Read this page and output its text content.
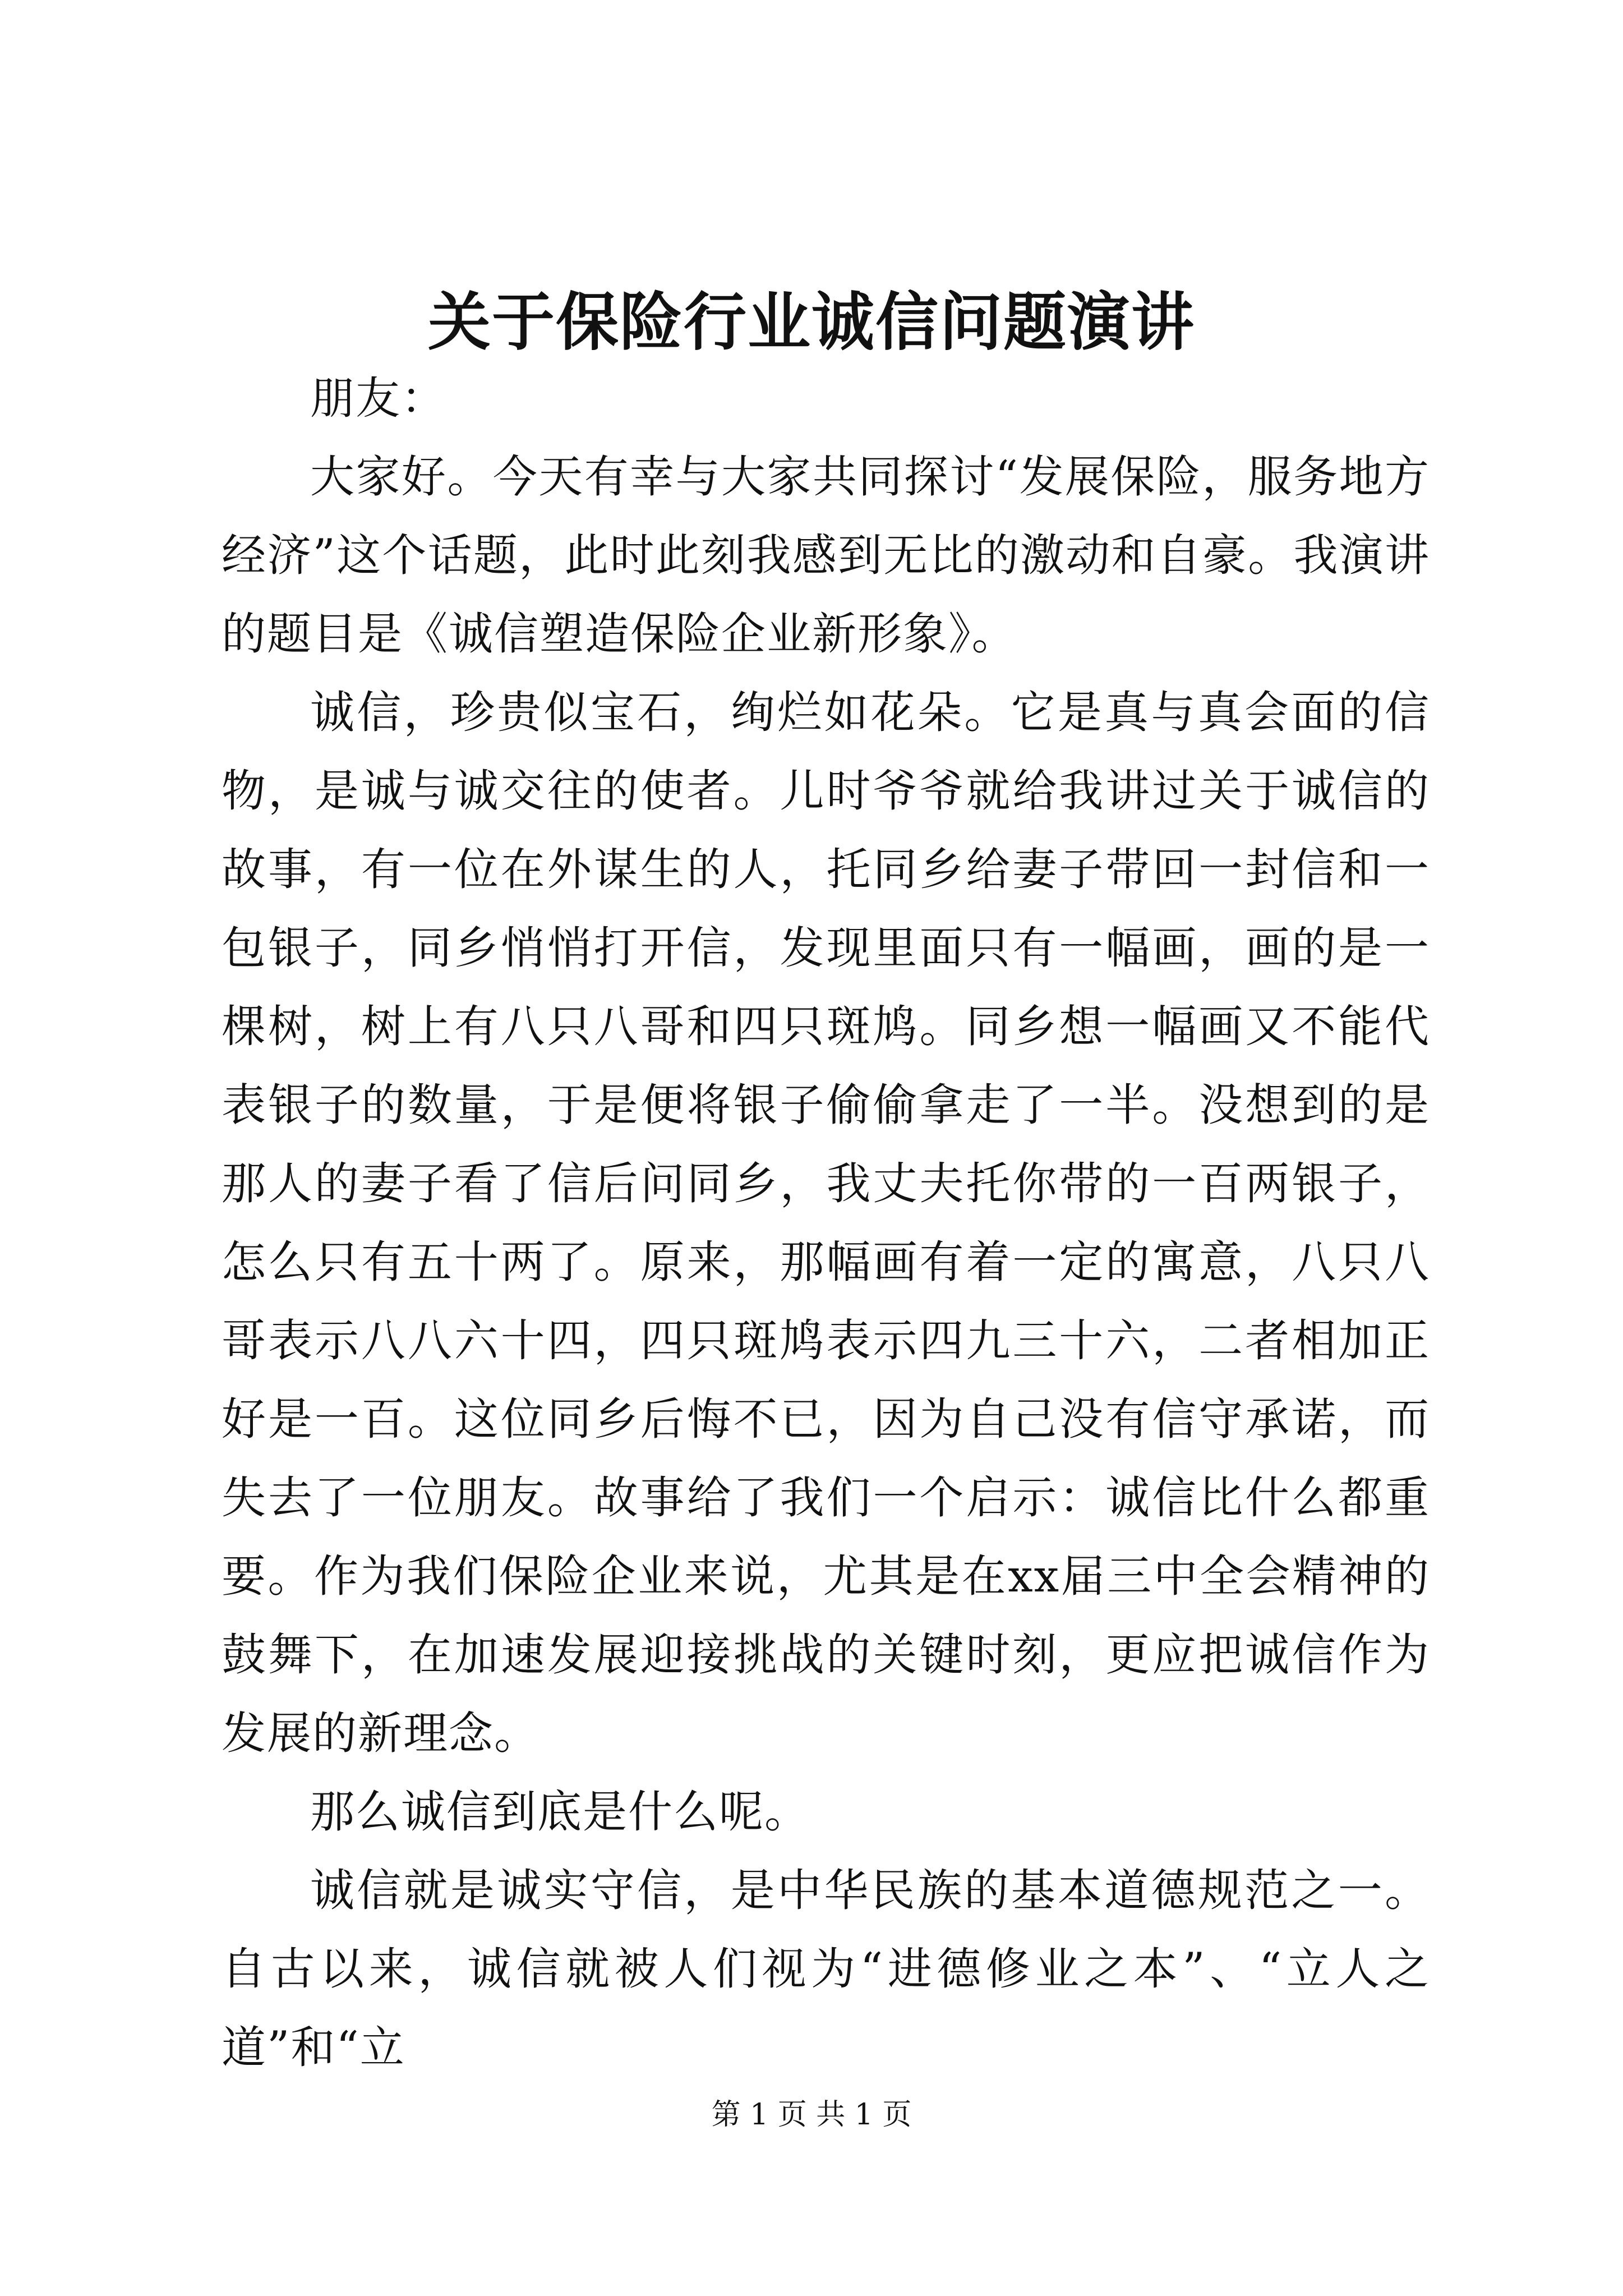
关于保险行业诚信问题演讲

朋友：

大家好。今天有幸与大家共同探讨“发展保险，服务地方经济”这个话题，此时此刻我感到无比的激动和自豪。我演讲的题目是《诚信塑造保险企业新形象》。

诚信，珍贵似宝石，绚烂如花朵。它是真与真会面的信物，是诚与诚交往的使者。儿时爷爷就给我讲过关于诚信的故事，有一位在外谋生的人，托同乡给妻子带回一封信和一包银子，同乡悄悄打开信，发现里面只有一幅画，画的是一棵树，树上有八只八哥和四只斑鸠。同乡想一幅画又不能代表银子的数量，于是便将银子偷偷拿走了一半。没想到的是那人的妻子看了信后问同乡，我丈夫托你带的一百两银子，怎么只有五十两了。原来，那幅画有着一定的寓意，八只八哥表示八八六十四，四只斑鸠表示四九三十六，二者相加正好是一百。这位同乡后悔不已，因为自己没有信守承诺，而失去了一位朋友。故事给了我们一个启示：诚信比什么都重要。作为我们保险企业来说，尤其是在xx届三中全会精神的鼓舞下，在加速发展迎接挑战的关键时刻，更应把诚信作为发展的新理念。

那么诚信到底是什么呢。

诚信就是诚实守信，是中华民族的基本道德规范之一。自古以来，诚信就被人们视为“进德修业之本”、“立人之道”和“立

第 1 页 共 1 页
